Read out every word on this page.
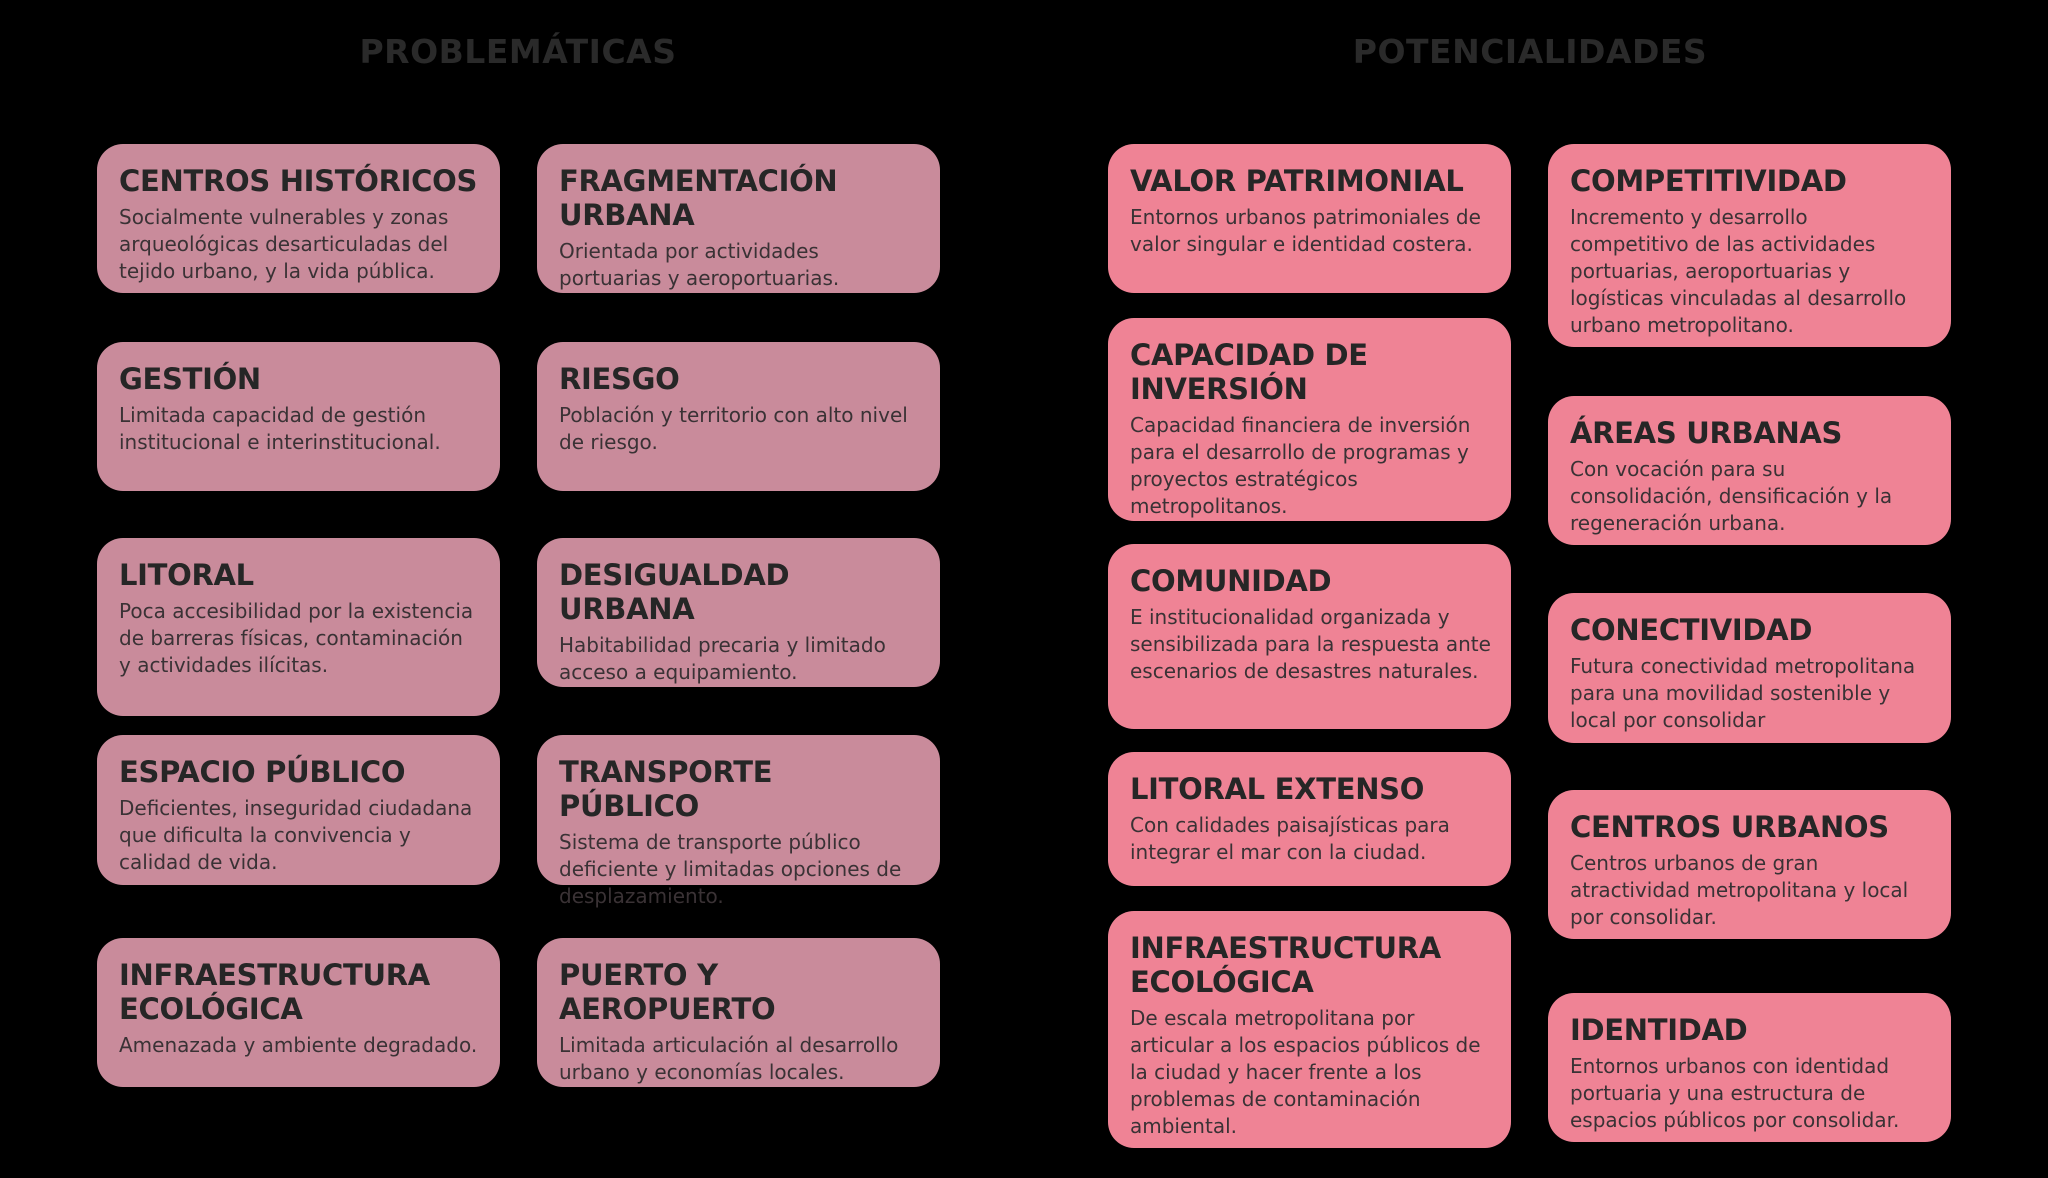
PROBLEMÁTICAS	POTENCIALIDADES
CENTROS HISTÓRICOS

Socialmente vulnerables y zonas arqueológicas desarticuladas del tejido urbano, y la vida pública.

FRAGMENTACIÓN URBANA

Orientada por actividades portuarias y aeroportuarias.

GESTIÓN

Limitada capacidad de gestión institucional e interinstitucional.

RIESGO

Población y territorio con alto nivel de riesgo.

LITORAL

Poca accesibilidad por la existencia de barreras físicas, contaminación y actividades ilícitas.

DESIGUALDAD URBANA

Habitabilidad precaria y limitado acceso a equipamiento.

ESPACIO PÚBLICO

Deficientes, inseguridad ciudadana que dificulta la convivencia y calidad de vida.

TRANSPORTE PÚBLICO

Sistema de transporte público deficiente y limitadas opciones de desplazamiento.

INFRAESTRUCTURA ECOLÓGICA

Amenazada y ambiente degradado.

PUERTO Y AEROPUERTO

Limitada articulación al desarrollo urbano y economías locales.

VALOR PATRIMONIAL

Entornos urbanos patrimoniales de valor singular e identidad costera.

COMPETITIVIDAD

Incremento y desarrollo competitivo de las actividades portuarias, aeroportuarias y logísticas vinculadas al desarrollo urbano metropolitano.

CAPACIDAD DE INVERSIÓN

Capacidad financiera de inversión para el desarrollo de programas y proyectos estratégicos metropolitanos.

ÁREAS URBANAS

Con vocación para su consolidación, densificación y la regeneración urbana.

COMUNIDAD

E institucionalidad organizada y sensibilizada para la respuesta ante escenarios de desastres naturales.

CONECTIVIDAD

Futura conectividad metropolitana para una movilidad sostenible y local por consolidar

LITORAL EXTENSO

Con calidades paisajísticas para integrar el mar con la ciudad.

CENTROS URBANOS

Centros urbanos de gran atractividad metropolitana y local por consolidar.

INFRAESTRUCTURA ECOLÓGICA

De escala metropolitana por articular a los espacios públicos de la ciudad y hacer frente a los problemas de contaminación ambiental.

IDENTIDAD

Entornos urbanos con identidad portuaria y una estructura de espacios públicos por consolidar.
